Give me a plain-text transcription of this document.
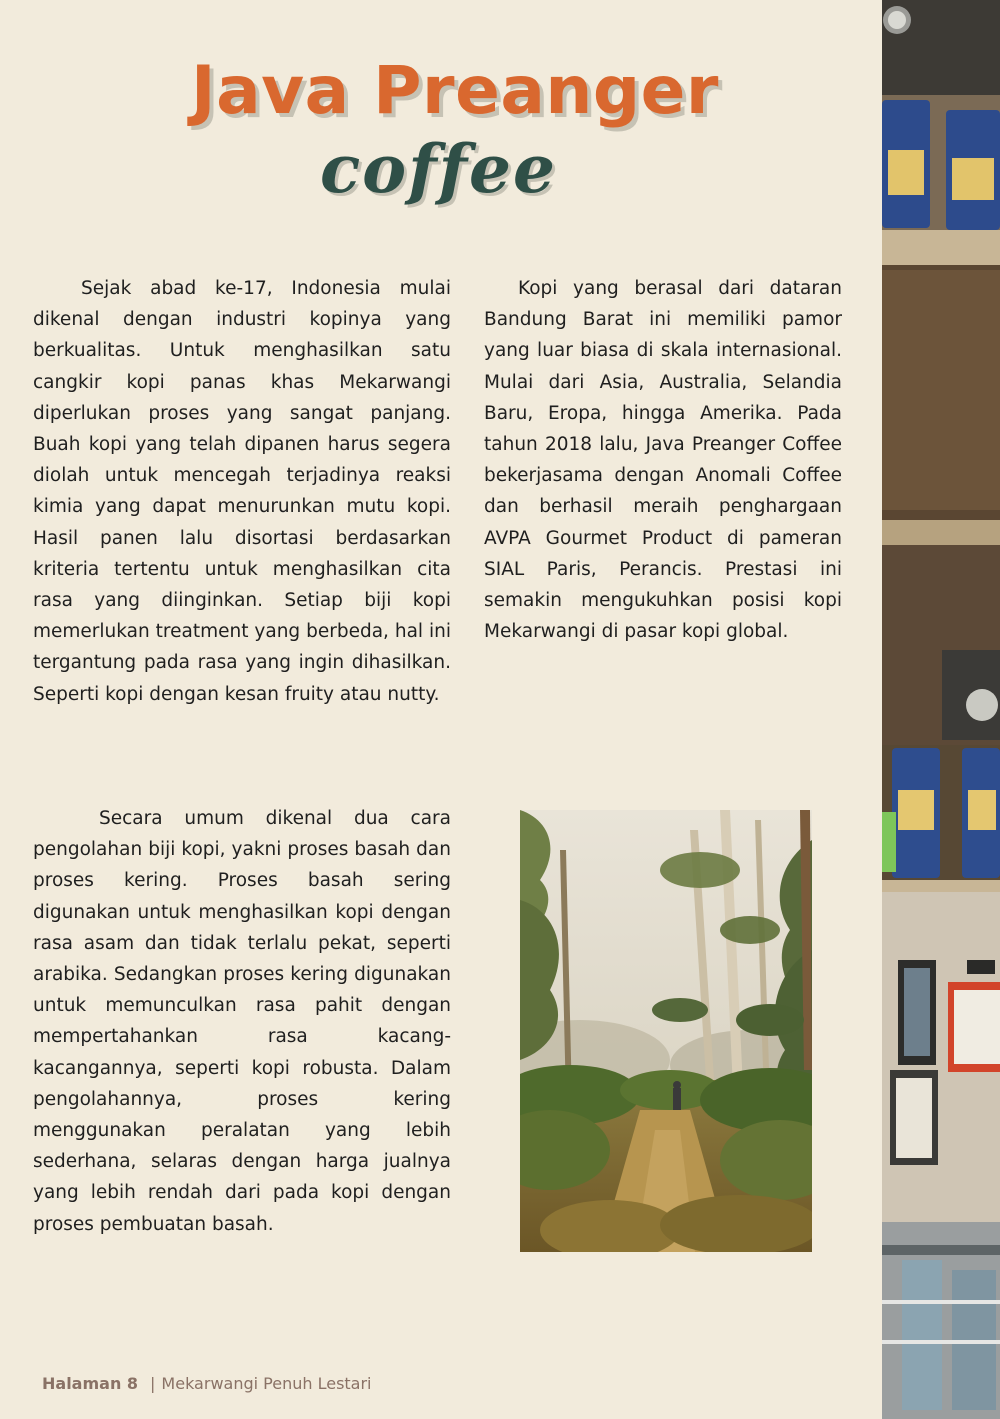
Java Preanger
coffee

Sejak abad ke-17, Indonesia mulai dikenal dengan industri kopinya yang berkualitas. Untuk menghasilkan satu cangkir kopi panas khas Mekarwangi diperlukan proses yang sangat panjang. Buah kopi yang telah dipanen harus segera diolah untuk mencegah terjadinya reaksi kimia yang dapat menurunkan mutu kopi. Hasil panen lalu disortasi berdasarkan kriteria tertentu untuk menghasilkan cita rasa yang diinginkan. Setiap biji kopi memerlukan treatment yang berbeda, hal ini tergantung pada rasa yang ingin dihasilkan. Seperti kopi dengan kesan fruity atau nutty.

Kopi yang berasal dari dataran Bandung Barat ini memiliki pamor yang luar biasa di skala internasional. Mulai dari Asia, Australia, Selandia Baru, Eropa, hingga Amerika. Pada tahun 2018 lalu, Java Preanger Coffee bekerjasama dengan Anomali Coffee dan berhasil meraih penghargaan AVPA Gourmet Product di pameran SIAL Paris, Perancis. Prestasi ini semakin mengukuhkan posisi kopi Mekarwangi di pasar kopi global.

Secara umum dikenal dua cara pengolahan biji kopi, yakni proses basah dan proses kering. Proses basah sering digunakan untuk menghasilkan kopi dengan rasa asam dan tidak terlalu pekat, seperti arabika. Sedangkan proses kering digunakan untuk memunculkan rasa pahit dengan mempertahankan rasa kacang-kacangannya, seperti kopi robusta. Dalam pengolahannya, proses kering menggunakan peralatan yang lebih sederhana, selaras dengan harga jualnya yang lebih rendah dari pada kopi dengan proses pembuatan basah.

Halaman 8 | Mekarwangi Penuh Lestari
